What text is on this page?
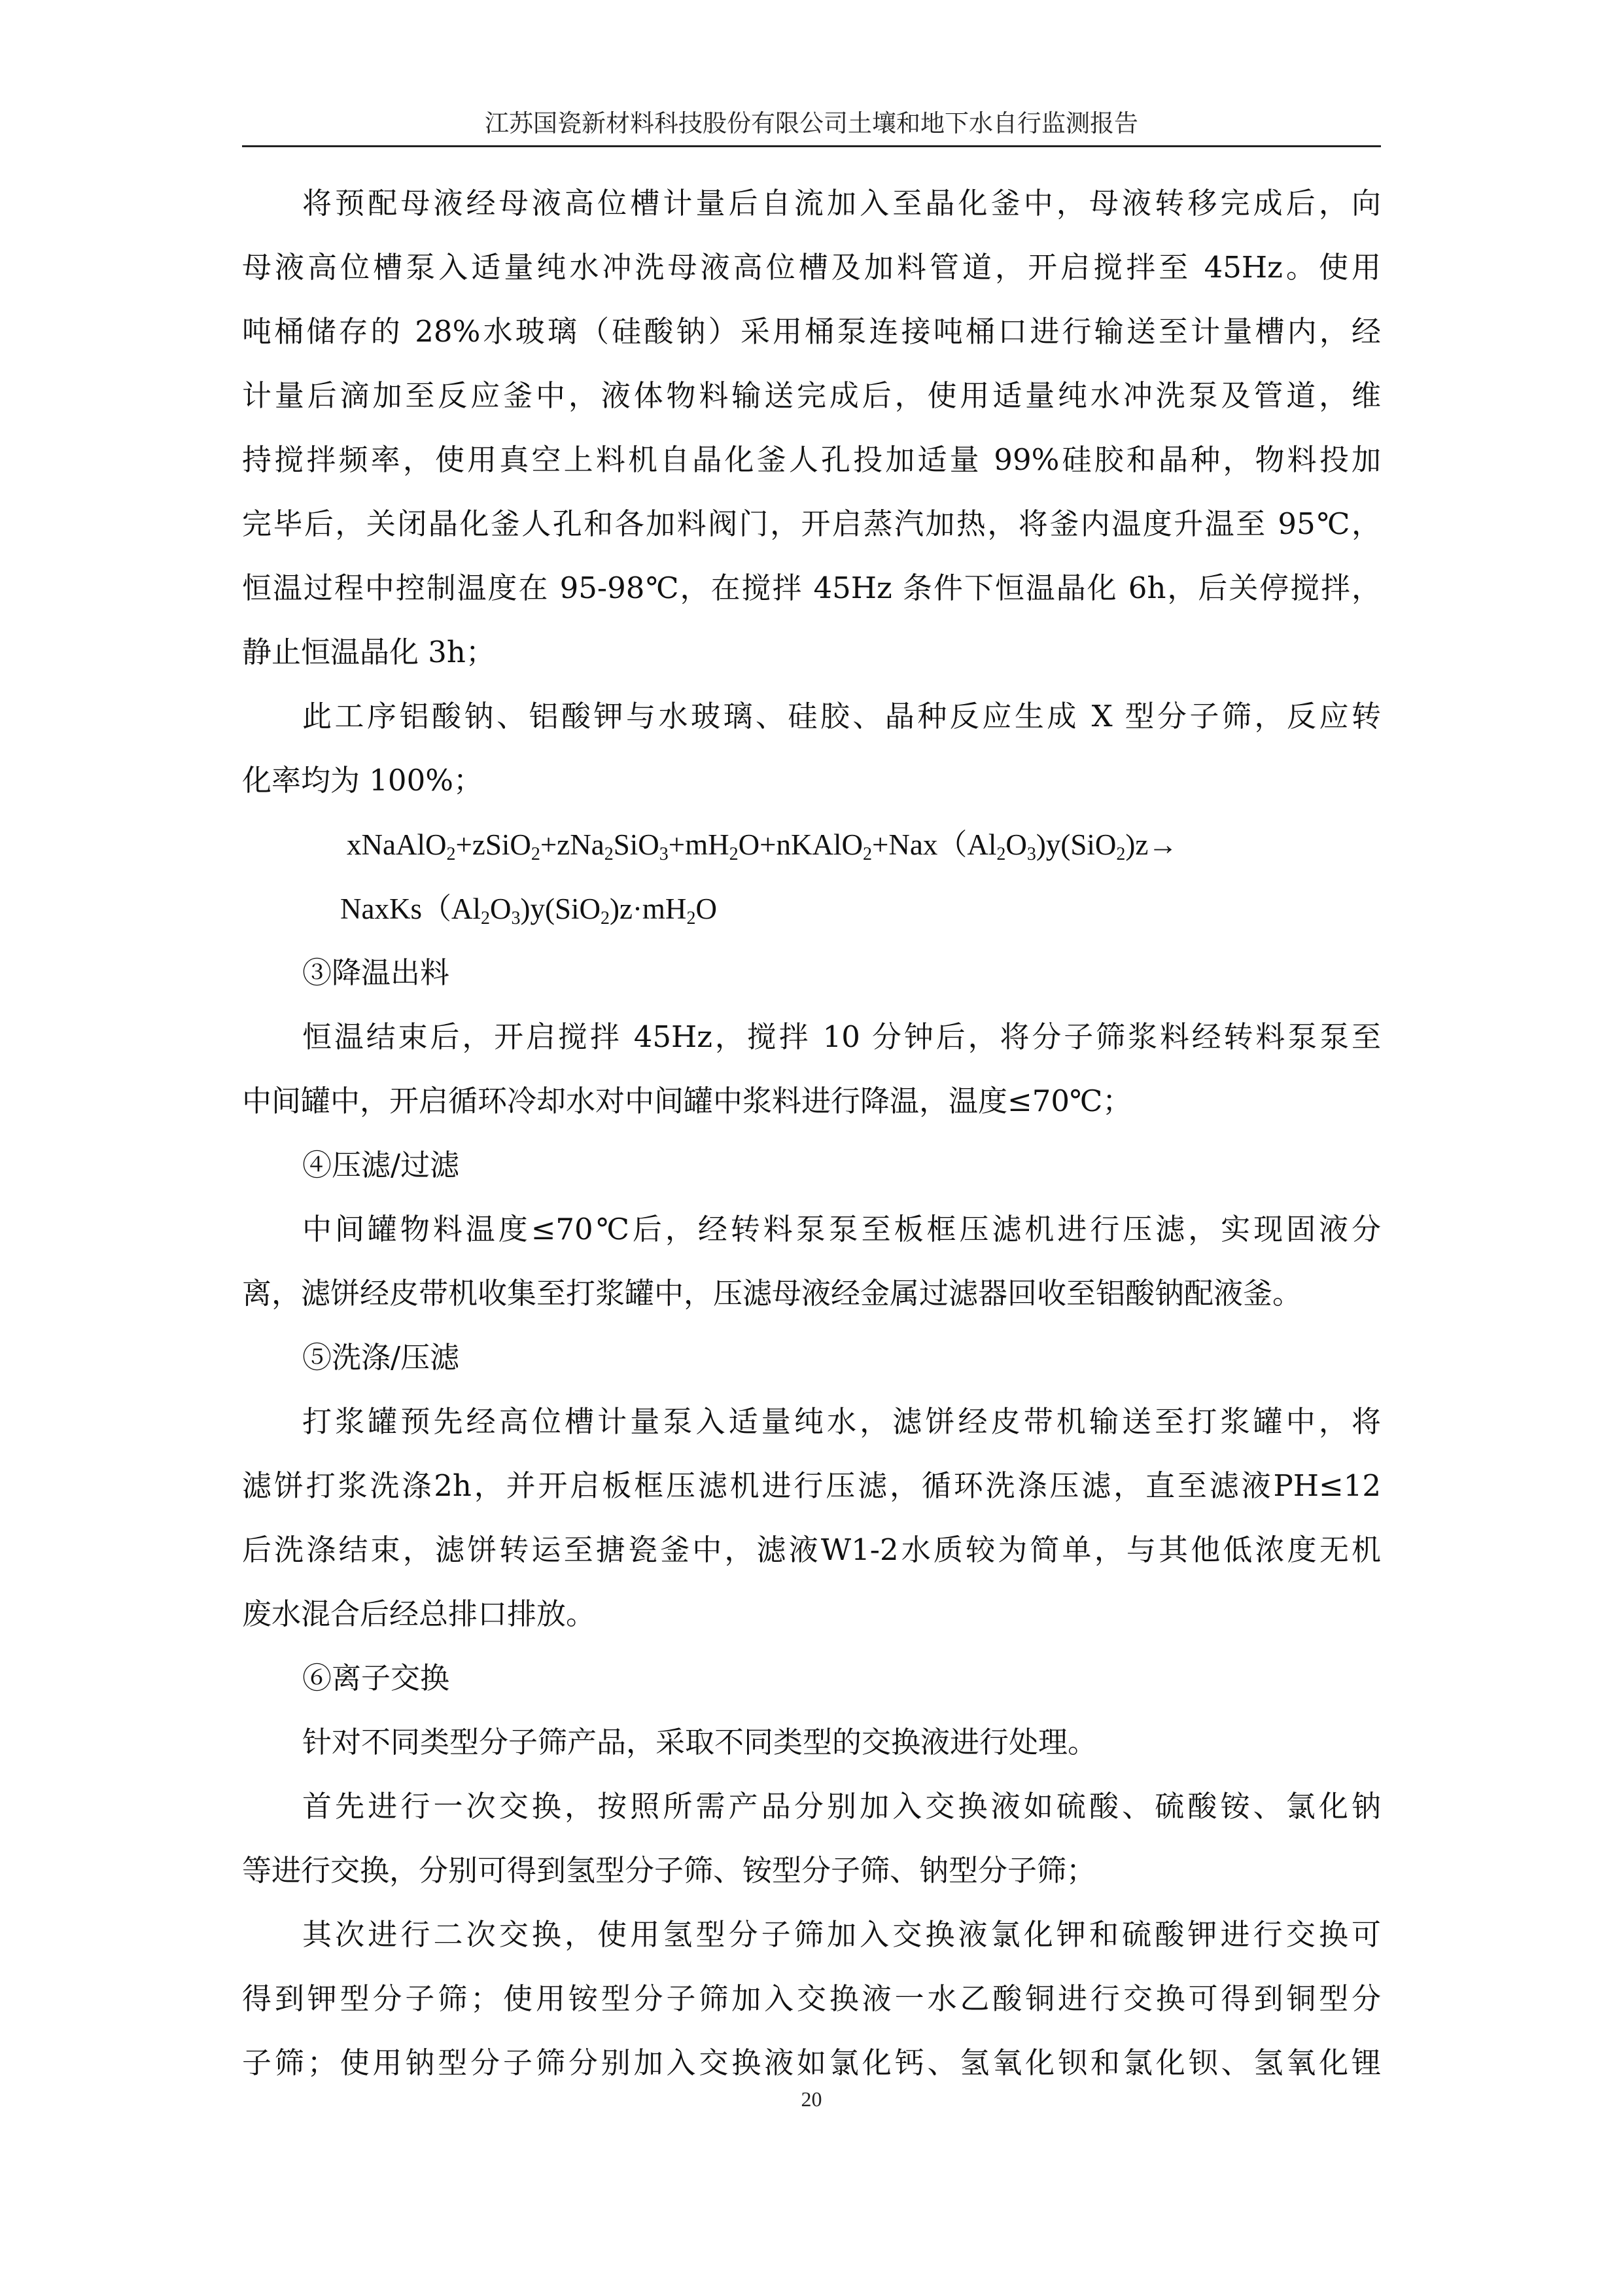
江苏国瓷新材料科技股份有限公司土壤和地下水自行监测报告

将预配母液经母液高位槽计量后自流加入至晶化釜中，母液转移完成后，向

母液高位槽泵入适量纯水冲洗母液高位槽及加料管道，开启搅拌至 45Hz。使用

吨桶储存的 28%水玻璃（硅酸钠）采用桶泵连接吨桶口进行输送至计量槽内，经

计量后滴加至反应釜中，液体物料输送完成后，使用适量纯水冲洗泵及管道，维

持搅拌频率，使用真空上料机自晶化釜人孔投加适量 99%硅胶和晶种，物料投加

完毕后，关闭晶化釜人孔和各加料阀门，开启蒸汽加热，将釜内温度升温至 95℃，

恒温过程中控制温度在 95-98℃，在搅拌 45Hz 条件下恒温晶化 6h，后关停搅拌，

静止恒温晶化 3h；

此工序铝酸钠、铝酸钾与水玻璃、硅胶、晶种反应生成 X 型分子筛，反应转

化率均为 100%；

$xNaAlO_2+zSiO_2+zNa_2SiO_3+mH_2O+nKAlO_2+Nax(Al_2O_3)y(SiO_2)z\to$

$NaxKs(Al_2O_3)y(SiO_2)z\cdot mH_2O$

③降温出料

恒温结束后，开启搅拌 45Hz，搅拌 10 分钟后，将分子筛浆料经转料泵泵至

中间罐中，开启循环冷却水对中间罐中浆料进行降温，温度≤70℃；

④压滤/过滤

中间罐物料温度≤70℃后，经转料泵泵至板框压滤机进行压滤，实现固液分

离，滤饼经皮带机收集至打浆罐中，压滤母液经金属过滤器回收至铝酸钠配液釜。

⑤洗涤/压滤

打浆罐预先经高位槽计量泵入适量纯水，滤饼经皮带机输送至打浆罐中，将

滤饼打浆洗涤2h，并开启板框压滤机进行压滤，循环洗涤压滤，直至滤液PH≤12

后洗涤结束，滤饼转运至搪瓷釜中，滤液W1-2水质较为简单，与其他低浓度无机

废水混合后经总排口排放。

⑥离子交换

针对不同类型分子筛产品，采取不同类型的交换液进行处理。

首先进行一次交换，按照所需产品分别加入交换液如硫酸、硫酸铵、氯化钠

等进行交换，分别可得到氢型分子筛、铵型分子筛、钠型分子筛；

其次进行二次交换，使用氢型分子筛加入交换液氯化钾和硫酸钾进行交换可

得到钾型分子筛；使用铵型分子筛加入交换液一水乙酸铜进行交换可得到铜型分

子筛；使用钠型分子筛分别加入交换液如氯化钙、氢氧化钡和氯化钡、氢氧化锂

20
